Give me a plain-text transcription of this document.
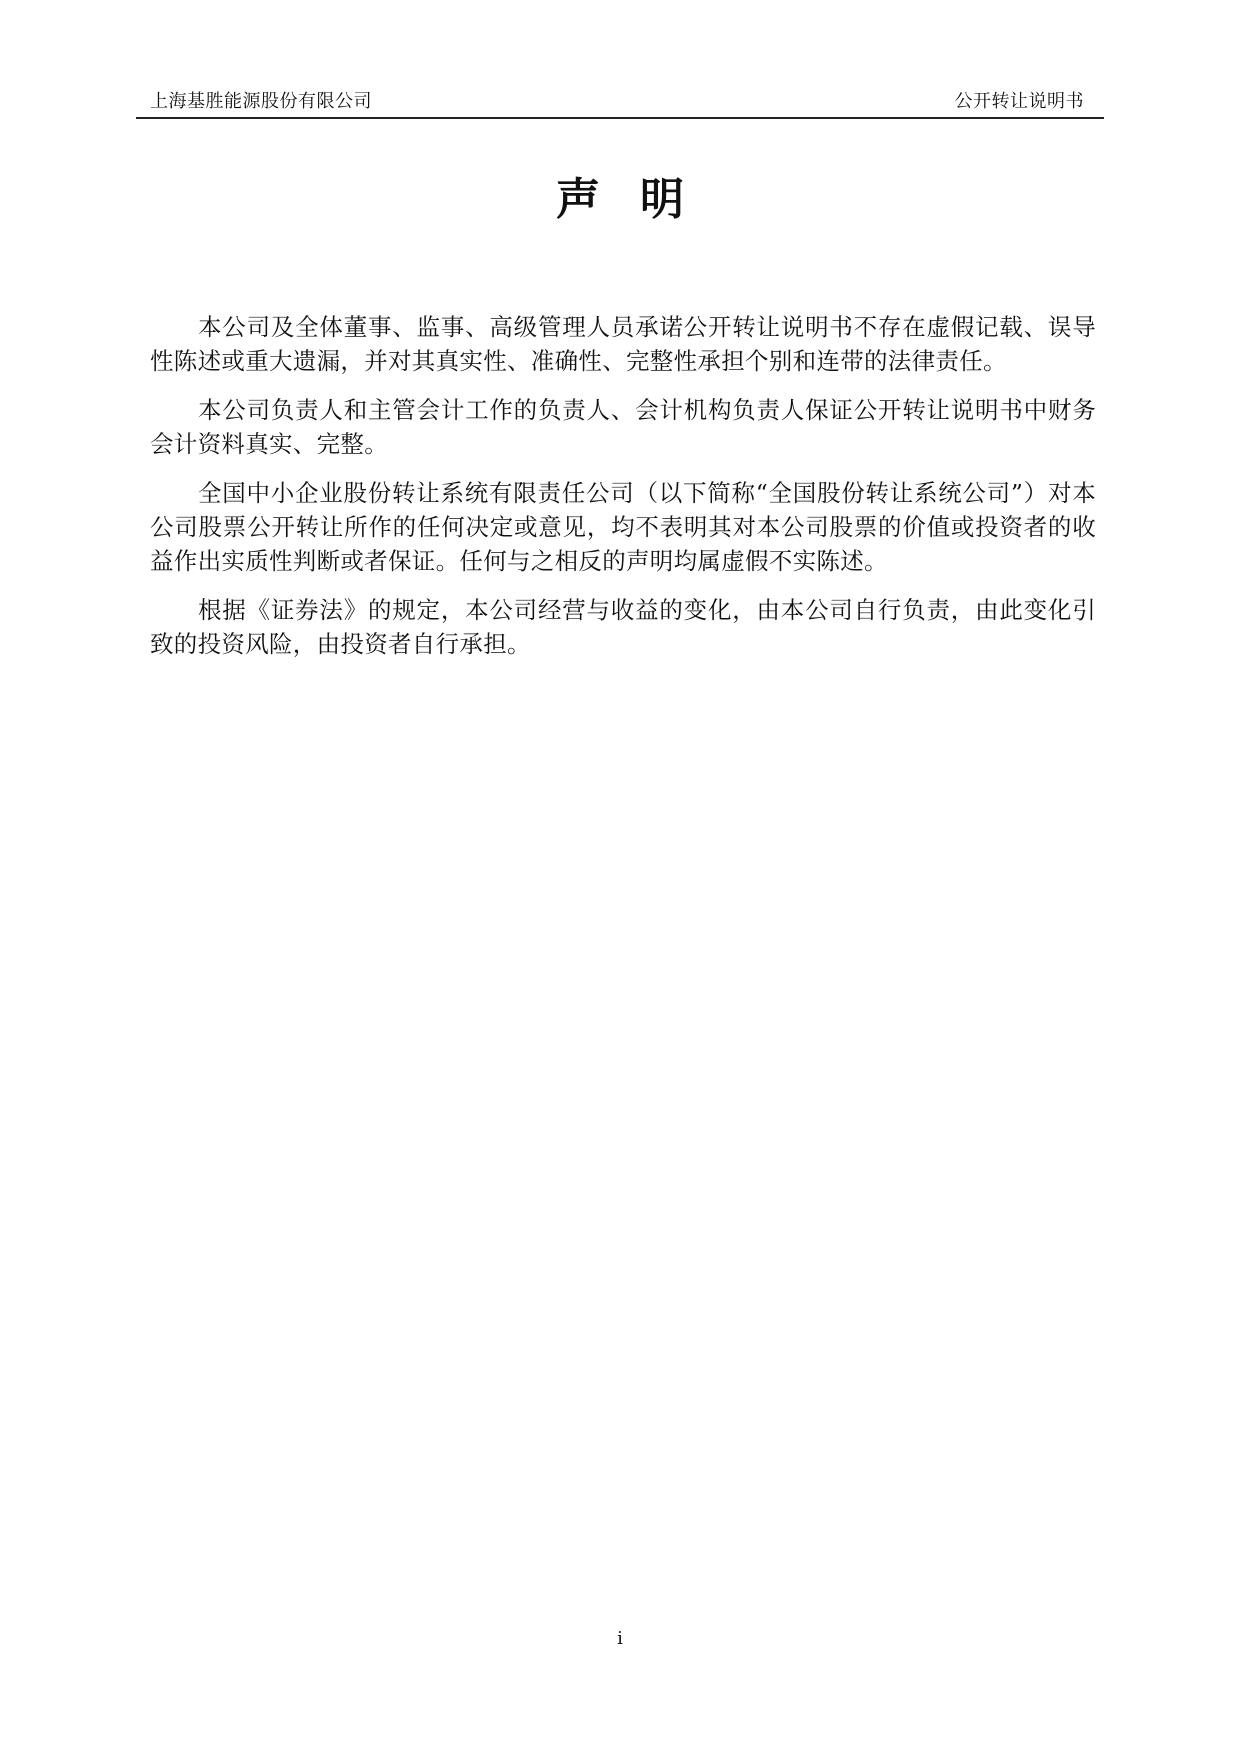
上海基胜能源股份有限公司	公开转让说明书
声明

本公司及全体董事、监事、高级管理人员承诺公开转让说明书不存在虚假记载、误导性陈述或重大遗漏，并对其真实性、准确性、完整性承担个别和连带的法律责任。

本公司负责人和主管会计工作的负责人、会计机构负责人保证公开转让说明书中财务会计资料真实、完整。

全国中小企业股份转让系统有限责任公司（以下简称“全国股份转让系统公司”）对本公司股票公开转让所作的任何决定或意见，均不表明其对本公司股票的价值或投资者的收益作出实质性判断或者保证。任何与之相反的声明均属虚假不实陈述。

根据《证券法》的规定，本公司经营与收益的变化，由本公司自行负责，由此变化引致的投资风险，由投资者自行承担。

i
